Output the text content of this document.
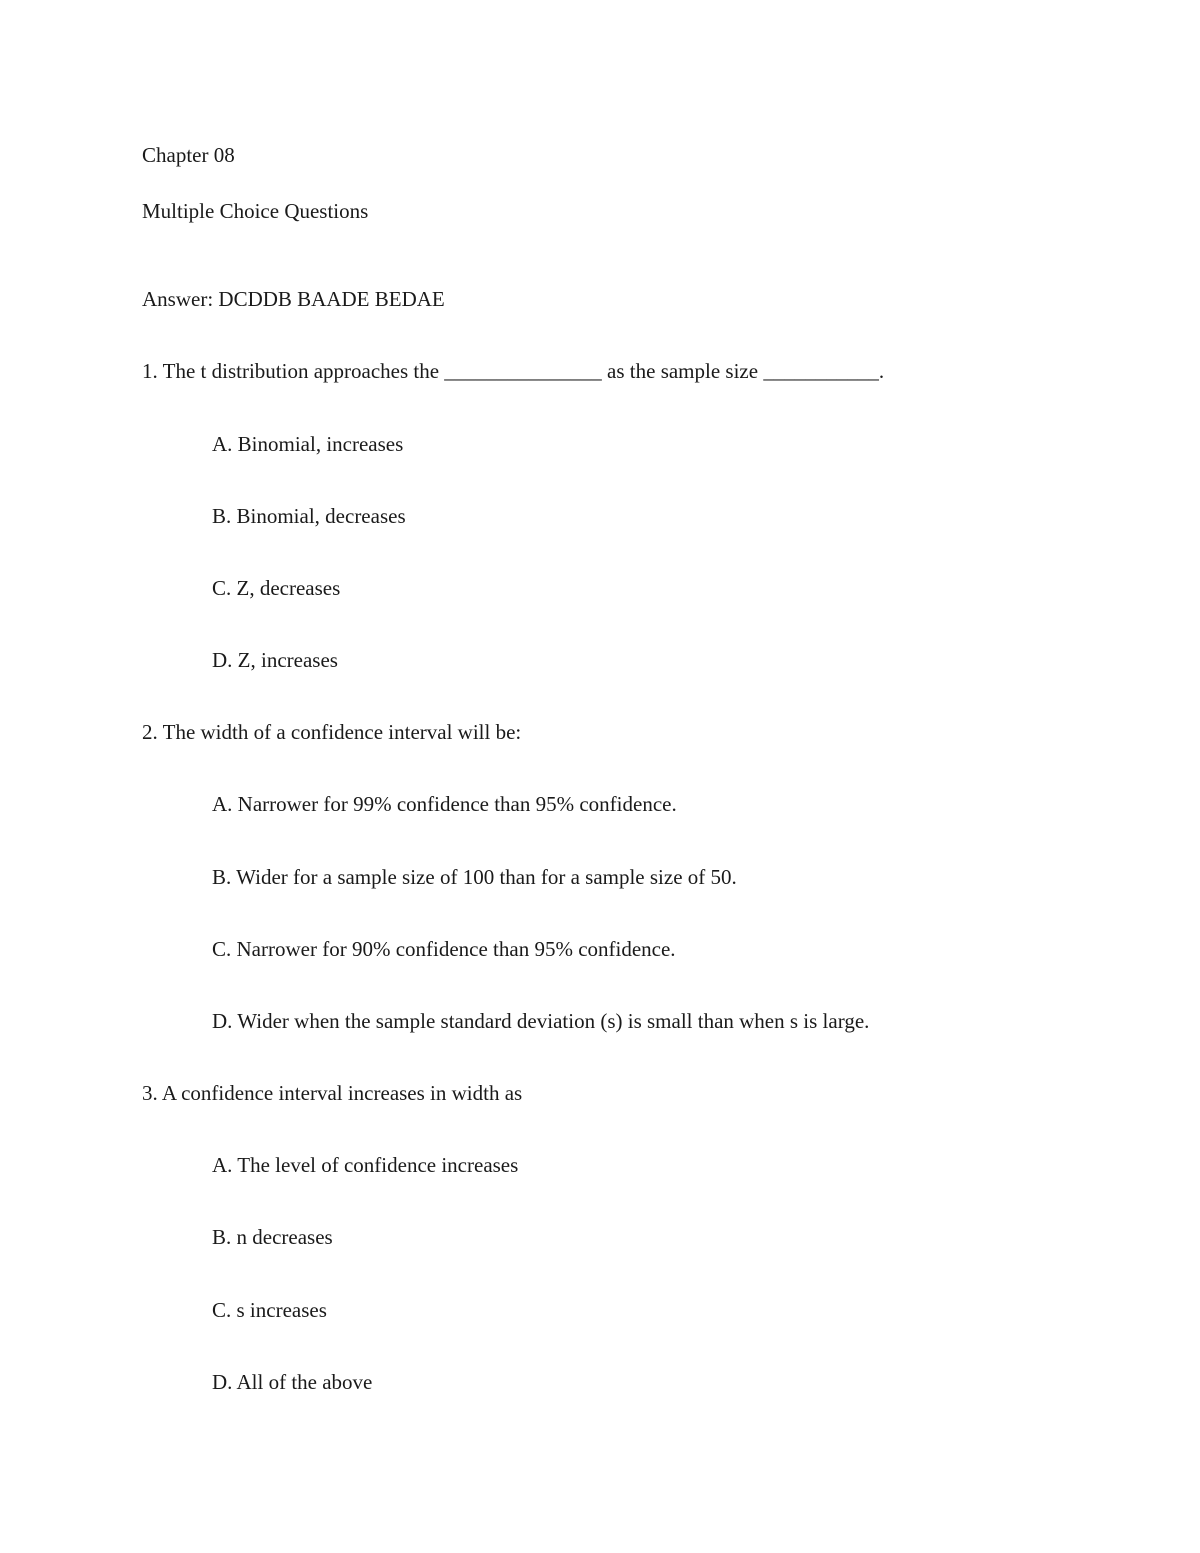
Chapter 08
Multiple Choice Questions
Answer: DCDDB BAADE BEDAE
1. The t distribution approaches the _______________ as the sample size ___________.
A. Binomial, increases
B. Binomial, decreases
C. Z, decreases
D. Z, increases
2. The width of a confidence interval will be:
A. Narrower for 99% confidence than 95% confidence.
B. Wider for a sample size of 100 than for a sample size of 50.
C. Narrower for 90% confidence than 95% confidence.
D. Wider when the sample standard deviation (s) is small than when s is large.
3. A confidence interval increases in width as
A. The level of confidence increases
B. n decreases
C. s increases
D. All of the above
